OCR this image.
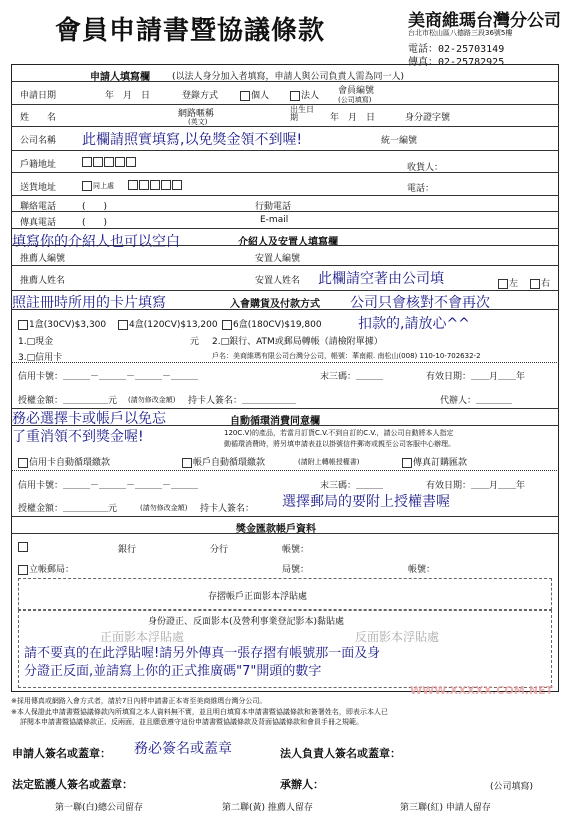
會員申請書暨協議條款	美商維瑪台灣分公司
台北市松山區八德路三段36號5樓
電話：02-25703149
傳真：02-25782925
申請人填寫欄 (以法人身分加入者填寫，申請人與公司負責人需為同一人)
申請日期	年　月　日	登錄方式	個人	法人 會員編號
(公司填寫)
姓　　名	網路暱稱
(英文)
出生日期	年　月　日	身分證字號
公司名稱	統一編號
戶籍地址	收貨人：
送貨地址	同上處	電話：
聯絡電話	(　　)	行動電話
傳真電話	(　　)	E-mail
介紹人及安置人填寫欄
推薦人編號	安置人編號
推薦人姓名	安置人姓名	左	右
入會購貨及付款方式
1盒(30CV)$3,300	4盒(120CV)$13,200	6盒(180CV)$19,800
1.□現金	元 2.□銀行、ATM或郵局轉帳（請檢附單據）
3.□信用卡	戶名：美商維瑪有限公司台灣分公司，帳號：華南銀. 南松山(008) 110-10-702632-2
信用卡號：＿＿＿－＿＿＿－＿＿＿－＿＿＿	末三碼：＿＿＿	有效日期：＿＿月＿＿年
授權金額：＿＿＿＿＿元 (請勿修改金額) 持卡人簽名：＿＿＿＿＿＿	代辦人：＿＿＿＿
自動循環消費同意欄
120C.V)的產品，若當月訂貨C.V.不到自訂的C.V.，請公司自動將本人指定
動循環消費時，將另填申請表並以掛號信件郵寄或親至公司客服中心辦理。
信用卡自動循環繳款	帳戶自動循環繳款	(請附上轉帳授權書)	傳真訂購匯款
信用卡號：＿＿＿－＿＿＿－＿＿＿－＿＿＿	末三碼：＿＿＿	有效日期：＿＿月＿＿年
授權金額：＿＿＿＿＿元	(請勿修改金額) 持卡人簽名：
獎金匯款帳戶資料
銀行	分行	帳號：
立帳郵局：	局號：	帳號：
存摺帳戶正面影本浮貼處
身份證正、反面影本(及營利事業登記影本)黏貼處
正面影本浮貼處	反面影本浮貼處
※採用傳真或網路入會方式者，請於7日內將申請書正本寄至美商維瑪台灣分公司。
※本人保證此申請書暨協議條款內所填寫之本人資料無不實，並且明白填寫本申請書暨協議條款和簽署姓名，即表示本人已
詳閱本申請書暨協議條款正、反兩面，並且願意遵守這份申請書暨協議條款及背面協議條款和會員手冊之規範。
申請人簽名或蓋章：	法人負責人簽名或蓋章：
法定監護人簽名或蓋章：	承辦人：	(公司填寫)
第一聯(白)總公司留存	第二聯(黃) 推薦人留存	第三聯(紅) 申請人留存
WWW.XXXXX.COM.NET
此欄請照實填寫,以免獎金領不到喔!
填寫你的介紹人也可以空白
此欄請空著由公司填
照註冊時所用的卡片填寫	公司只會核對不會再次
扣款的,請放心^^
務必選擇卡或帳戶以免忘
了重消領不到獎金喔!
選擇郵局的要附上授權書喔
請不要真的在此浮貼喔!請另外傳真一張存摺有帳號那一面及身
分證正反面,並請寫上你的正式推廣碼"7"開頭的數字
務必簽名或蓋章
